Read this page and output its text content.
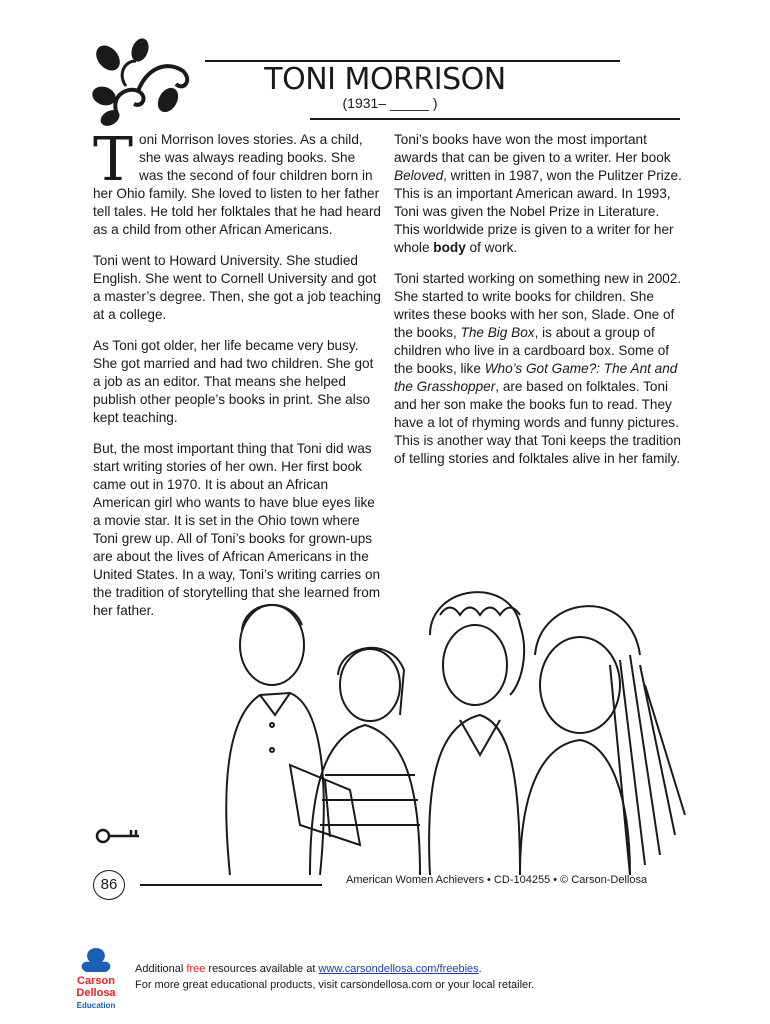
TONI MORRISON
(1931– _____ )

Toni Morrison loves stories. As a child, she was always reading books. She was the second of four children born in her Ohio family. She loved to listen to her father tell tales. He told her folktales that he had heard as a child from other African Americans.

Toni went to Howard University. She studied English. She went to Cornell University and got a master’s degree. Then, she got a job teaching at a college.

As Toni got older, her life became very busy. She got married and had two children. She got a job as an editor. That means she helped publish other people’s books in print. She also kept teaching.

But, the most important thing that Toni did was start writing stories of her own. Her first book came out in 1970. It is about an African American girl who wants to have blue eyes like a movie star. It is set in the Ohio town where Toni grew up. All of Toni’s books for grown-ups are about the lives of African Americans in the United States. In a way, Toni’s writing carries on the tradition of storytelling that she learned from her father.

Toni’s books have won the most important awards that can be given to a writer. Her book Beloved, written in 1987, won the Pulitzer Prize. This is an important American award. In 1993, Toni was given the Nobel Prize in Literature. This worldwide prize is given to a writer for her whole body of work.

Toni started working on something new in 2002. She started to write books for children. She writes these books with her son, Slade. One of the books, The Big Box, is about a group of children who live in a cardboard box. Some of the books, like Who’s Got Game?: The Ant and the Grasshopper, are based on folktales. Toni and her son make the books fun to read. They have a lot of rhyming words and funny pictures. This is another way that Toni keeps the tradition of telling stories and folktales alive in her family.

86	American Women Achievers • CD-104255 • © Carson-Dellosa
Carson
Dellosa
Education
Additional free resources available at www.carsondellosa.com/freebies.
For more great educational products, visit carsondellosa.com or your local retailer.
